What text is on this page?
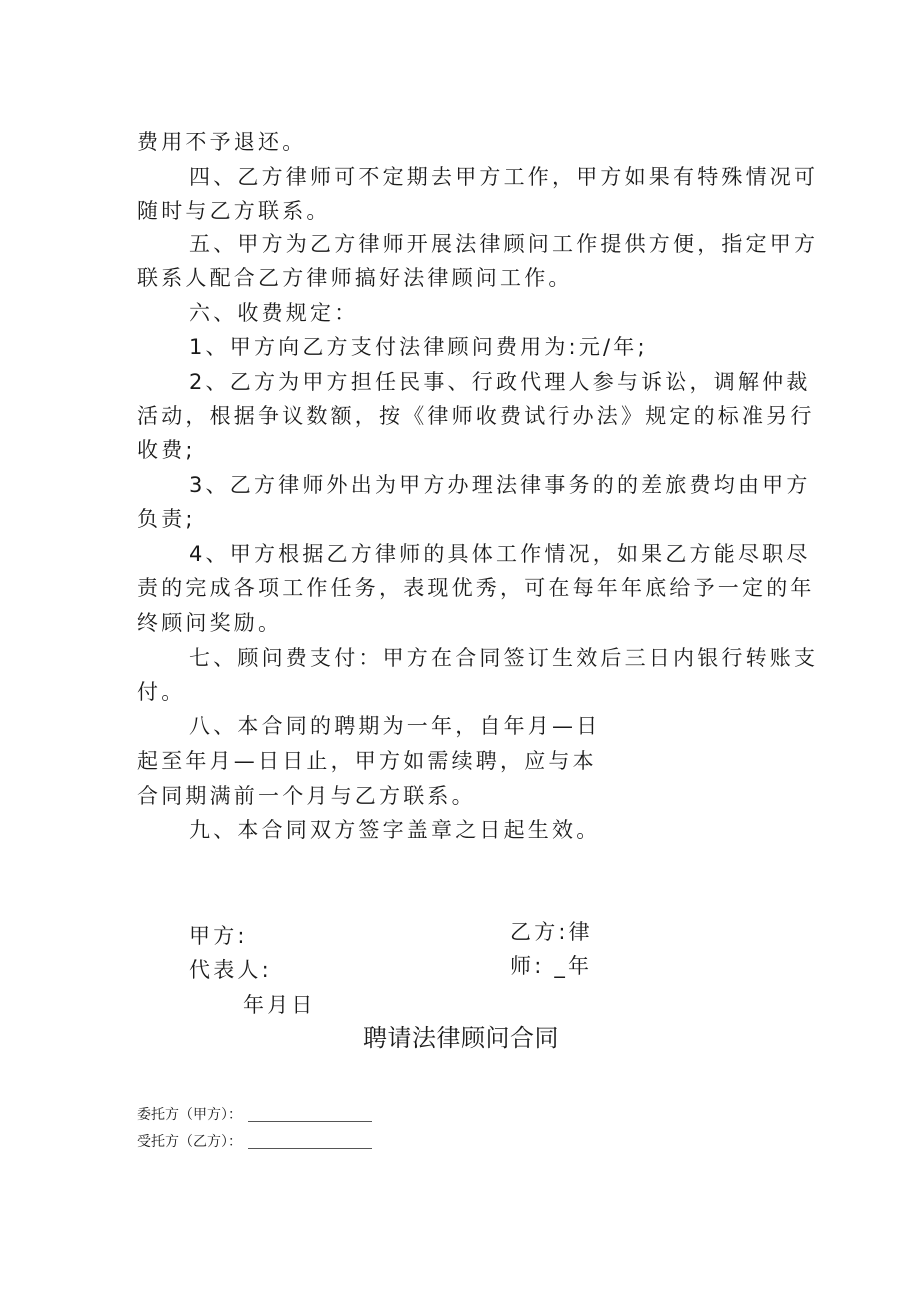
费用不予退还。
四、乙方律师可不定期去甲方工作，甲方如果有特殊情况可
随时与乙方联系。
五、甲方为乙方律师开展法律顾问工作提供方便，指定甲方
联系人配合乙方律师搞好法律顾问工作。
六、收费规定：
1、甲方向乙方支付法律顾问费用为:元/年;
2、乙方为甲方担任民事、行政代理人参与诉讼，调解仲裁
活动，根据争议数额，按《律师收费试行办法》规定的标准另行
收费;
3、乙方律师外出为甲方办理法律事务的的差旅费均由甲方
负责;
4、甲方根据乙方律师的具体工作情况，如果乙方能尽职尽
责的完成各项工作任务，表现优秀，可在每年年底给予一定的年
终顾问奖励。
七、顾问费支付：甲方在合同签订生效后三日内银行转账支
付。
八、本合同的聘期为一年，自年月—日
起至年月—日日止，甲方如需续聘，应与本
合同期满前一个月与乙方联系。
九、本合同双方签字盖章之日起生效。
甲方:
代表人:
乙方:律
师: _年
年月日
聘请法律顾问合同
委托方（甲方）：
受托方（乙方）：
